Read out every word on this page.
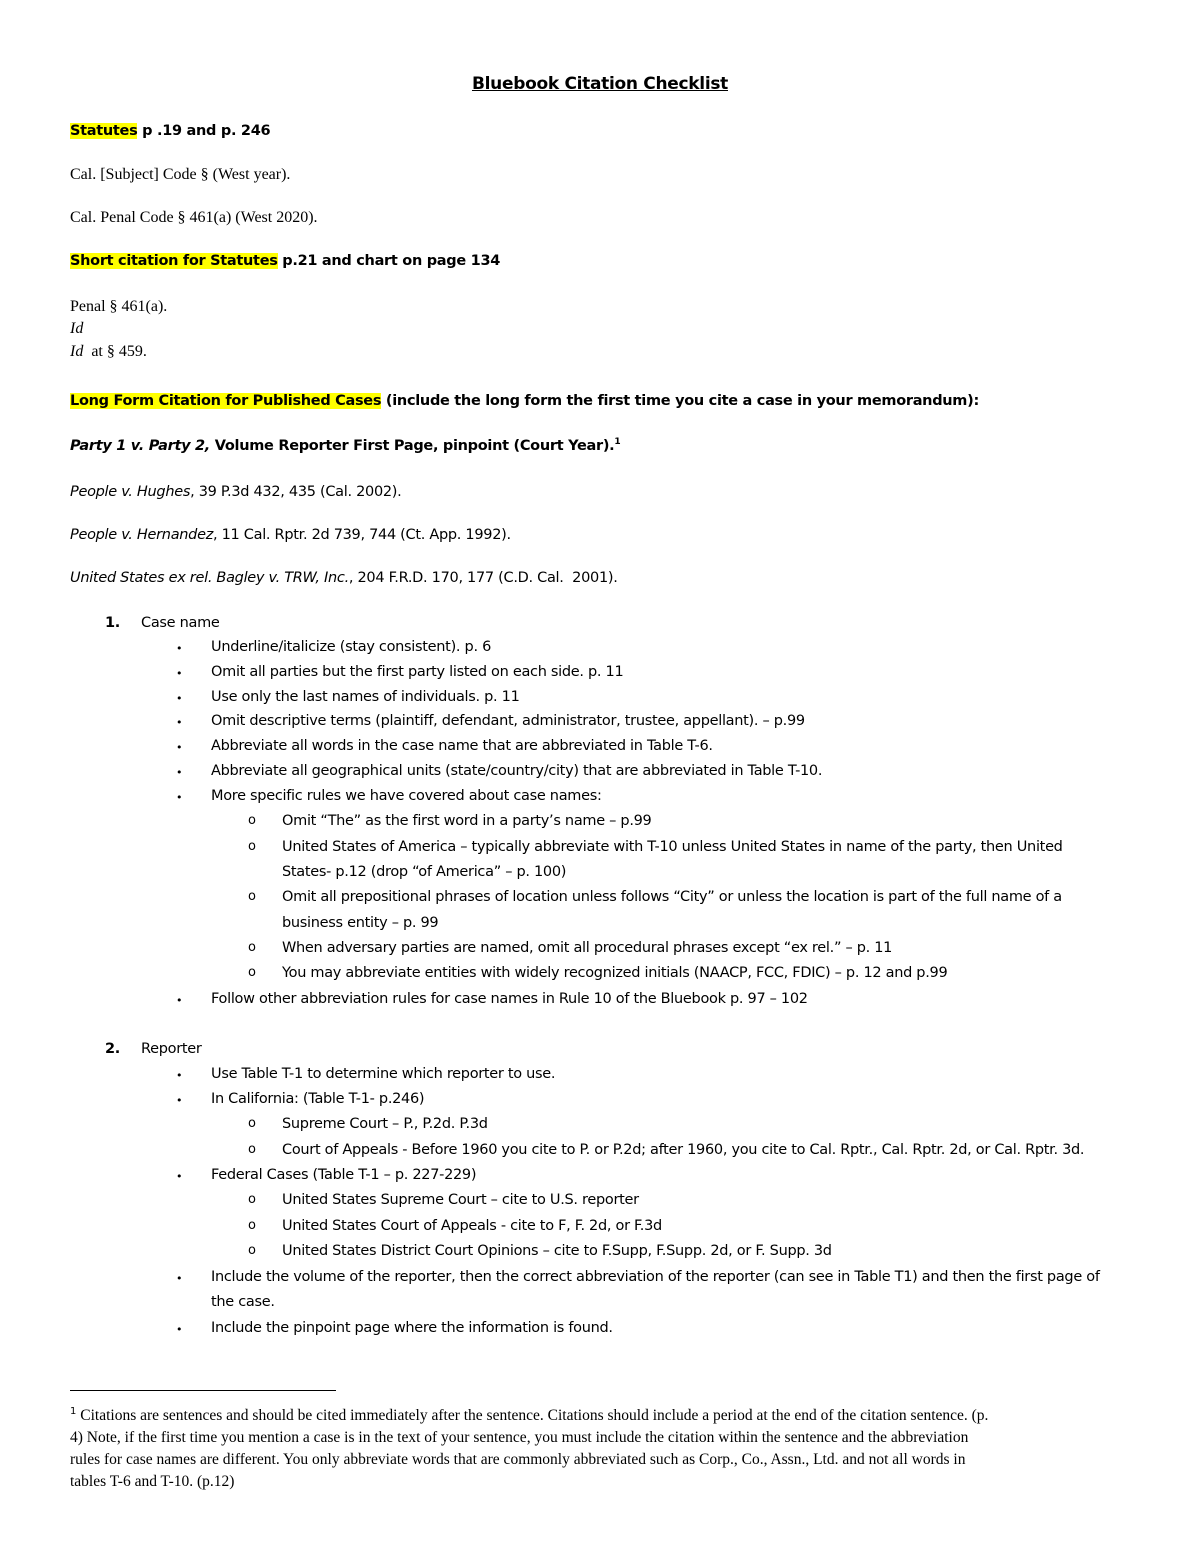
Bluebook Citation Checklist
Statutes p .19 and p. 246
Cal. [Subject] Code § (West year).
Cal. Penal Code § 461(a) (West 2020).
Short citation for Statutes p.21 and chart on page 134
Penal § 461(a).
Id
Id  at § 459.
Long Form Citation for Published Cases (include the long form the first time you cite a case in your memorandum):
Party 1 v. Party 2, Volume Reporter First Page, pinpoint (Court Year).$^1$
People v. Hughes, 39 P.3d 432, 435 (Cal. 2002).
People v. Hernandez, 11 Cal. Rptr. 2d 739, 744 (Ct. App. 1992).
United States ex rel. Bagley v. TRW, Inc., 204 F.R.D. 170, 177 (C.D. Cal.  2001).
1. Case name
• Underline/italicize (stay consistent). p. 6
• Omit all parties but the first party listed on each side. p. 11
• Use only the last names of individuals. p. 11
• Omit descriptive terms (plaintiff, defendant, administrator, trustee, appellant). – p.99
• Abbreviate all words in the case name that are abbreviated in Table T-6.
• Abbreviate all geographical units (state/country/city) that are abbreviated in Table T-10.
• More specific rules we have covered about case names:
o Omit “The” as the first word in a party’s name – p.99
o United States of America – typically abbreviate with T-10 unless United States in name of the party, then United
States- p.12 (drop “of America” – p. 100)
o Omit all prepositional phrases of location unless follows “City” or unless the location is part of the full name of a
business entity – p. 99
o When adversary parties are named, omit all procedural phrases except “ex rel.” – p. 11
o You may abbreviate entities with widely recognized initials (NAACP, FCC, FDIC) – p. 12 and p.99
• Follow other abbreviation rules for case names in Rule 10 of the Bluebook p. 97 – 102
2. Reporter
• Use Table T-1 to determine which reporter to use.
• In California: (Table T-1- p.246)
o Supreme Court – P., P.2d. P.3d
o Court of Appeals - Before 1960 you cite to P. or P.2d; after 1960, you cite to Cal. Rptr., Cal. Rptr. 2d, or Cal. Rptr. 3d.
• Federal Cases (Table T-1 – p. 227-229)
o United States Supreme Court – cite to U.S. reporter
o United States Court of Appeals - cite to F, F. 2d, or F.3d
o United States District Court Opinions – cite to F.Supp, F.Supp. 2d, or F. Supp. 3d
• Include the volume of the reporter, then the correct abbreviation of the reporter (can see in Table T1) and then the first page of
the case.
• Include the pinpoint page where the information is found.
$^1$ Citations are sentences and should be cited immediately after the sentence. Citations should include a period at the end of the citation sentence. (p.
4) Note, if the first time you mention a case is in the text of your sentence, you must include the citation within the sentence and the abbreviation
rules for case names are different. You only abbreviate words that are commonly abbreviated such as Corp., Co., Assn., Ltd. and not all words in
tables T-6 and T-10. (p.12)
